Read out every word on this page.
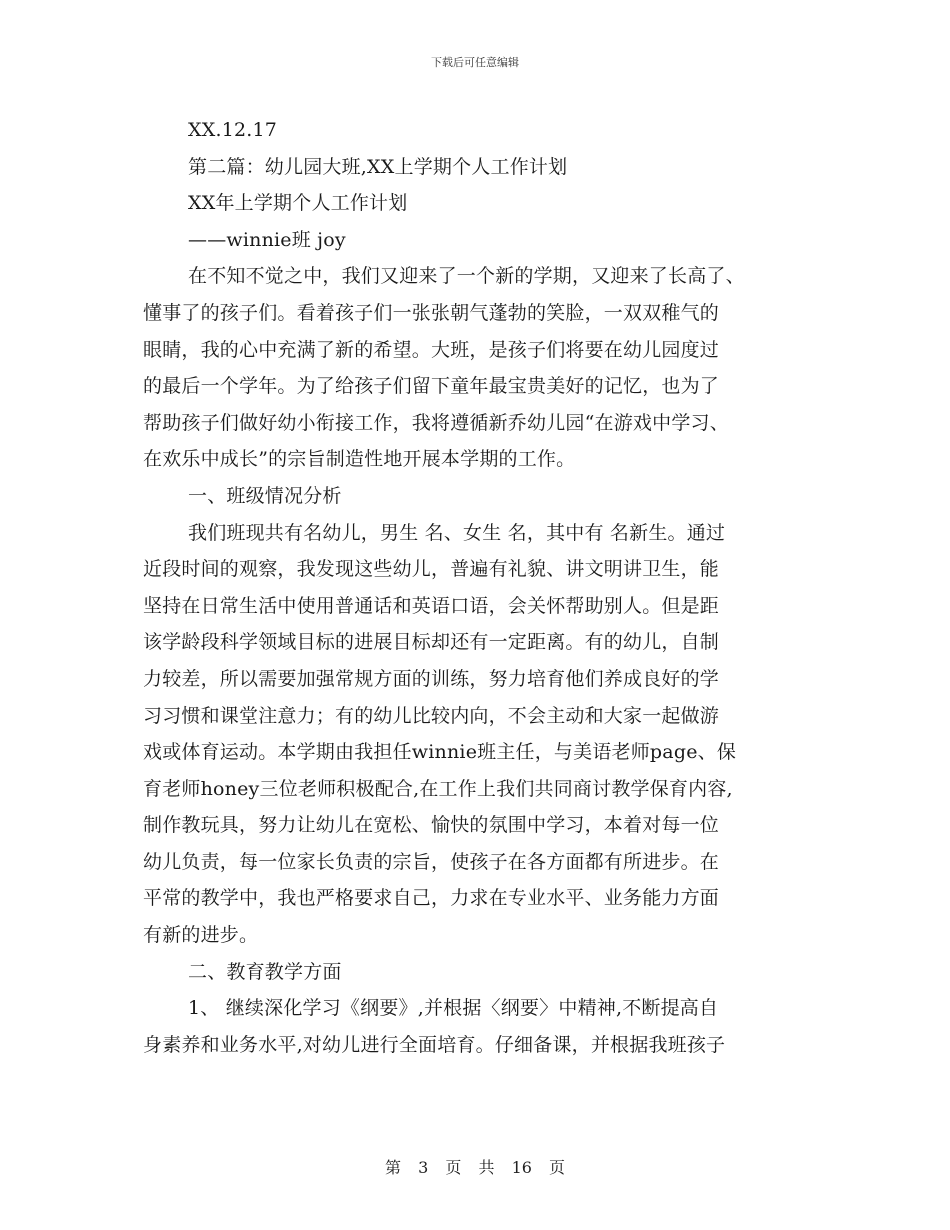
下载后可任意编辑
XX.12.17
第二篇：幼儿园大班,XX上学期个人工作计划
XX年上学期个人工作计划
——winnie班 joy
在不知不觉之中，我们又迎来了一个新的学期，又迎来了长高了、
懂事了的孩子们。看着孩子们一张张朝气蓬勃的笑脸，一双双稚气的
眼睛，我的心中充满了新的希望。大班，是孩子们将要在幼儿园度过
的最后一个学年。为了给孩子们留下童年最宝贵美好的记忆，也为了
帮助孩子们做好幼小衔接工作，我将遵循新乔幼儿园“在游戏中学习、
在欢乐中成长”的宗旨制造性地开展本学期的工作。
一、班级情况分析
我们班现共有名幼儿，男生 名、女生 名，其中有 名新生。通过
近段时间的观察，我发现这些幼儿，普遍有礼貌、讲文明讲卫生，能
坚持在日常生活中使用普通话和英语口语，会关怀帮助别人。但是距
该学龄段科学领域目标的进展目标却还有一定距离。有的幼儿，自制
力较差，所以需要加强常规方面的训练，努力培育他们养成良好的学
习习惯和课堂注意力；有的幼儿比较内向，不会主动和大家一起做游
戏或体育运动。本学期由我担任winnie班主任，与美语老师page、保
育老师honey三位老师积极配合,在工作上我们共同商讨教学保育内容,
制作教玩具，努力让幼儿在宽松、愉快的氛围中学习，本着对每一位
幼儿负责，每一位家长负责的宗旨，使孩子在各方面都有所进步。在
平常的教学中，我也严格要求自己，力求在专业水平、业务能力方面
有新的进步。
二、教育教学方面
1、 继续深化学习《纲要》,并根据〈纲要〉中精神,不断提高自
身素养和业务水平,对幼儿进行全面培育。仔细备课，并根据我班孩子
第 3 页 共 16 页
